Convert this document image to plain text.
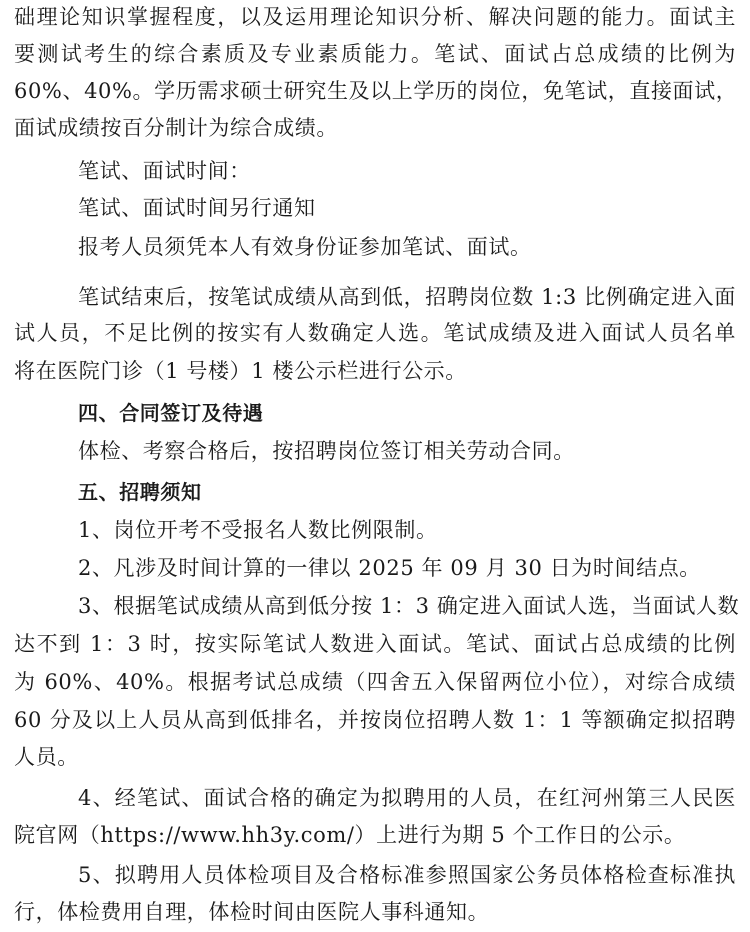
础理论知识掌握程度，以及运用理论知识分析、解决问题的能力。面试主
要测试考生的综合素质及专业素质能力。笔试、面试占总成绩的比例为
60%、40%。学历需求硕士研究生及以上学历的岗位，免笔试，直接面试，
面试成绩按百分制计为综合成绩。
笔试、面试时间：
笔试、面试时间另行通知
报考人员须凭本人有效身份证参加笔试、面试。
笔试结束后，按笔试成绩从高到低，招聘岗位数 1:3 比例确定进入面
试人员，不足比例的按实有人数确定人选。笔试成绩及进入面试人员名单
将在医院门诊（1 号楼）1 楼公示栏进行公示。
四、合同签订及待遇
体检、考察合格后，按招聘岗位签订相关劳动合同。
五、招聘须知
1、岗位开考不受报名人数比例限制。
2、凡涉及时间计算的一律以 2025 年 09 月 30 日为时间结点。
3、根据笔试成绩从高到低分按 1：3 确定进入面试人选，当面试人数
达不到 1：3 时，按实际笔试人数进入面试。笔试、面试占总成绩的比例
为 60%、40%。根据考试总成绩（四舍五入保留两位小位），对综合成绩
60 分及以上人员从高到低排名，并按岗位招聘人数 1：1 等额确定拟招聘
人员。
4、经笔试、面试合格的确定为拟聘用的人员，在红河州第三人民医
院官网（https://www.hh3y.com/）上进行为期 5 个工作日的公示。
5、拟聘用人员体检项目及合格标准参照国家公务员体格检查标准执
行，体检费用自理，体检时间由医院人事科通知。
